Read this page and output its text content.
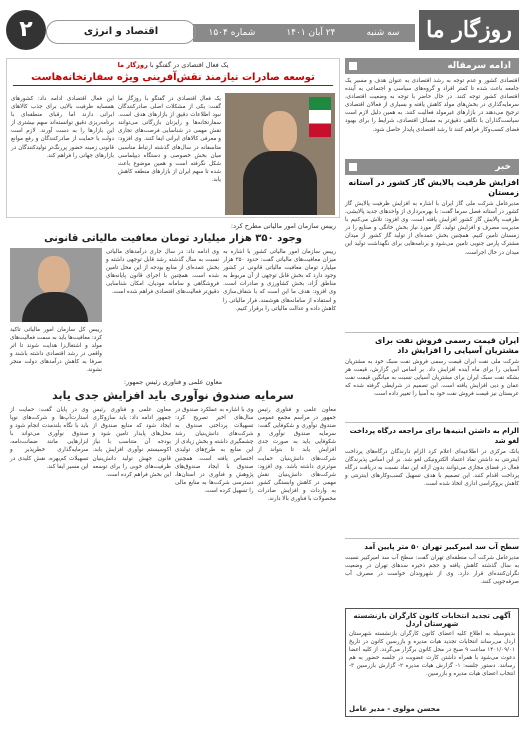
روزگار ما
سه شنبه
۲۴ آبان ۱۴۰۱
شماره ۱۵۰۴
اقتصاد و انرژی
۲
ادامه سرمقاله
اقتصادی کشور و عدم توجه به رشد اقتصادی به عنوان هدف و مسیر یک جامعه باعث شده تا کمتر افراد و گروه‌های سیاسی و اجتماعی به آینده اقتصادی کشور توجه کنند. در حال حاضر با توجه به وضعیت اقتصادی، سرمایه‌گذاری در بخش‌های مولد کاهش یافته و بسیاری از فعالان اقتصادی ترجیح می‌دهند در بازارهای غیرمولد فعالیت کنند. به همین دلیل لازم است سیاست‌گذاران با نگاهی دقیق‌تر به مسائل اقتصادی، شرایط را برای بهبود فضای کسب‌وکار فراهم کنند تا رشد اقتصادی پایدار حاصل شود.
خبر
افزایش ظرفیت پالایش گاز کشور در آستانه زمستان
مدیرعامل شرکت ملی گاز ایران با اشاره به افزایش ظرفیت پالایش گاز کشور در آستانه فصل سرما گفت: با بهره‌برداری از واحدهای جدید پالایشی، ظرفیت پالایش گاز کشور افزایش یافته است. وی افزود: تلاش می‌کنیم با مدیریت مصرف و افزایش تولید، گاز مورد نیاز بخش خانگی و صنایع را در زمستان تامین کنیم. همچنین بخش عمده‌ای از تولید گاز کشور از میدان مشترک پارس جنوبی تامین می‌شود و برنامه‌هایی برای نگهداشت تولید این میدان در حال اجراست.
ایران قیمت رسمی فروش نفت برای مشتریان آسیایی را افزایش داد
شرکت ملی نفت ایران قیمت رسمی فروش نفت سبک خود به مشتریان آسیایی را برای ماه آینده افزایش داد. بر اساس این گزارش، قیمت هر بشکه نفت سبک ایران برای مشتریان آسیایی نسبت به میانگین قیمت نفت عمان و دبی افزایش یافته است. این تصمیم در شرایطی گرفته شده که عربستان نیز قیمت فروش نفت خود به آسیا را تغییر داده است.
الزام به داشتن ابنیه‌ها برای مراجعه درگاه پرداخت لغو شد
بانک مرکزی در اطلاعیه‌ای اعلام کرد الزام دارندگان درگاه‌های پرداخت اینترنتی به داشتن نماد اعتماد الکترونیکی لغو شد. بر این اساس پذیرندگان فعال در فضای مجازی می‌توانند بدون ارائه این نماد نسبت به دریافت درگاه پرداخت اقدام کنند. این تصمیم با هدف تسهیل کسب‌وکارهای اینترنتی و کاهش بروکراسی اداری اتخاذ شده است.
سطح آب سد امیرکبیر تهران ۵۰ متر پایین آمد
مدیرعامل شرکت آب منطقه‌ای تهران گفت: سطح آب سد امیرکبیر نسبت به سال گذشته کاهش یافته و حجم ذخیره سدهای تهران در وضعیت نگران‌کننده‌ای قرار دارد. وی از شهروندان خواست در مصرف آب صرفه‌جویی کنند.
آگهی تجدید انتخابات کانون کارگران بازنشسته شهرستان اردل
بدینوسیله به اطلاع کلیه اعضای کانون کارگران بازنشسته شهرستان اردل می‌رساند انتخابات تجدید هیات مدیره و بازرسین کانون در تاریخ ۱۴۰۱/۰۹/۰۱ ساعت ۹ صبح در محل کانون برگزار می‌گردد. از کلیه اعضا دعوت می‌شود با همراه داشتن کارت عضویت در جلسه حضور به هم رسانند. دستور جلسه: ۱- گزارش هیات مدیره ۲- گزارش بازرسین ۳- انتخاب اعضای هیات مدیره و بازرسین.
محسن مولوی - مدیر عامل
یک فعال اقتصادی در گفتگو با روزگار ما
توسعه صادرات نیازمند نقش‌آفرینی ویژه سفارتخانه‌هاست
یک فعال اقتصادی در گفتگو با روزگار ما گفت: یکی از مشکلات اصلی صادرکنندگان نبود اطلاعات دقیق از بازارهای هدف است. سفارتخانه‌ها و رایزنان بازرگانی می‌توانند نقش مهمی در شناسایی فرصت‌های تجاری و معرفی کالاهای ایرانی ایفا کنند. وی افزود: متاسفانه در سال‌های گذشته ارتباط مناسبی میان بخش خصوصی و دستگاه دیپلماسی شکل نگرفته است و همین موضوع باعث شده تا سهم ایران از بازارهای منطقه کاهش یابد.
این فعال اقتصادی ادامه داد: کشورهای همسایه ظرفیت بالایی برای جذب کالاهای ایرانی دارند اما رقبای منطقه‌ای با برنامه‌ریزی دقیق توانسته‌اند سهم بیشتری از این بازارها را به دست آورند. لازم است دولت با حمایت از صادرکنندگان و رفع موانع قانونی زمینه حضور پررنگ‌تر تولیدکنندگان در بازارهای جهانی را فراهم کند.
رییس سازمان امور مالیاتی مطرح کرد:
وجود ۳۵۰ هزار میلیارد تومان معافیت مالیاتی قانونی
رییس سازمان امور مالیاتی کشور با اشاره به میزان معافیت‌های مالیاتی گفت: حدود ۳۵۰ هزار میلیارد تومان معافیت مالیاتی قانونی در کشور وجود دارد که بخش قابل توجهی از آن مربوط به مناطق آزاد، بخش کشاورزی و صادرات است. وی افزود: هدف ما این است که با شفاف‌سازی و استفاده از سامانه‌های هوشمند، فرار مالیاتی را کاهش داده و عدالت مالیاتی را برقرار کنیم.
وی ادامه داد: در سال جاری درآمدهای مالیاتی نسبت به سال گذشته رشد قابل توجهی داشته و بخش عمده‌ای از منابع بودجه از این محل تامین شده است. همچنین با اجرای قانون پایانه‌های فروشگاهی و سامانه مودیان، امکان شناسایی دقیق‌تر فعالیت‌های اقتصادی فراهم شده است.
رییس کل سازمان امور مالیاتی تاکید کرد: معافیت‌ها باید به سمت فعالیت‌های مولد و اشتغال‌زا هدایت شوند تا اثر واقعی در رشد اقتصادی داشته باشند و صرفا به کاهش درآمدهای دولت منجر نشوند.
معاون علمی و فناوری رئیس جمهور:
سرمایه صندوق نوآوری باید افزایش جدی یابد
معاون علمی و فناوری رئیس جمهور در مراسم مجمع عمومی صندوق نوآوری و شکوفایی گفت: سرمایه صندوق نوآوری و شکوفایی باید به صورت جدی افزایش یابد تا بتواند از شرکت‌های دانش‌بنیان حمایت موثرتری داشته باشد. وی افزود: شرکت‌های دانش‌بنیان نقش مهمی در کاهش وابستگی کشور به واردات و افزایش صادرات محصولات با فناوری بالا دارند.
وی با اشاره به عملکرد صندوق در سال‌های اخیر تصریح کرد: تسهیلات پرداختی صندوق به شرکت‌های دانش‌بنیان رشد چشمگیری داشته و بخش زیادی از این منابع به طرح‌های تولیدی اختصاص یافته است. همچنین صندوق با ایجاد صندوق‌های پژوهش و فناوری در استان‌ها، دسترسی شرکت‌ها به منابع مالی را تسهیل کرده است.
معاون علمی و فناوری رئیس جمهور ادامه داد: باید سازوکاری ایجاد شود که منابع صندوق از محل‌های پایدار تامین شود و بودجه آن متناسب با نیاز اکوسیستم نوآوری افزایش یابد. قانون جهش تولید دانش‌بنیان ظرفیت‌های خوبی را برای توسعه این بخش فراهم کرده است.
وی در پایان گفت: حمایت از استارت‌آپ‌ها و شرکت‌های نوپا باید با نگاه بلندمدت انجام شود و صندوق نوآوری می‌تواند با ابزارهایی مانند ضمانت‌نامه، سرمایه‌گذاری خطرپذیر و تسهیلات کم‌بهره، نقش کلیدی در این مسیر ایفا کند.
